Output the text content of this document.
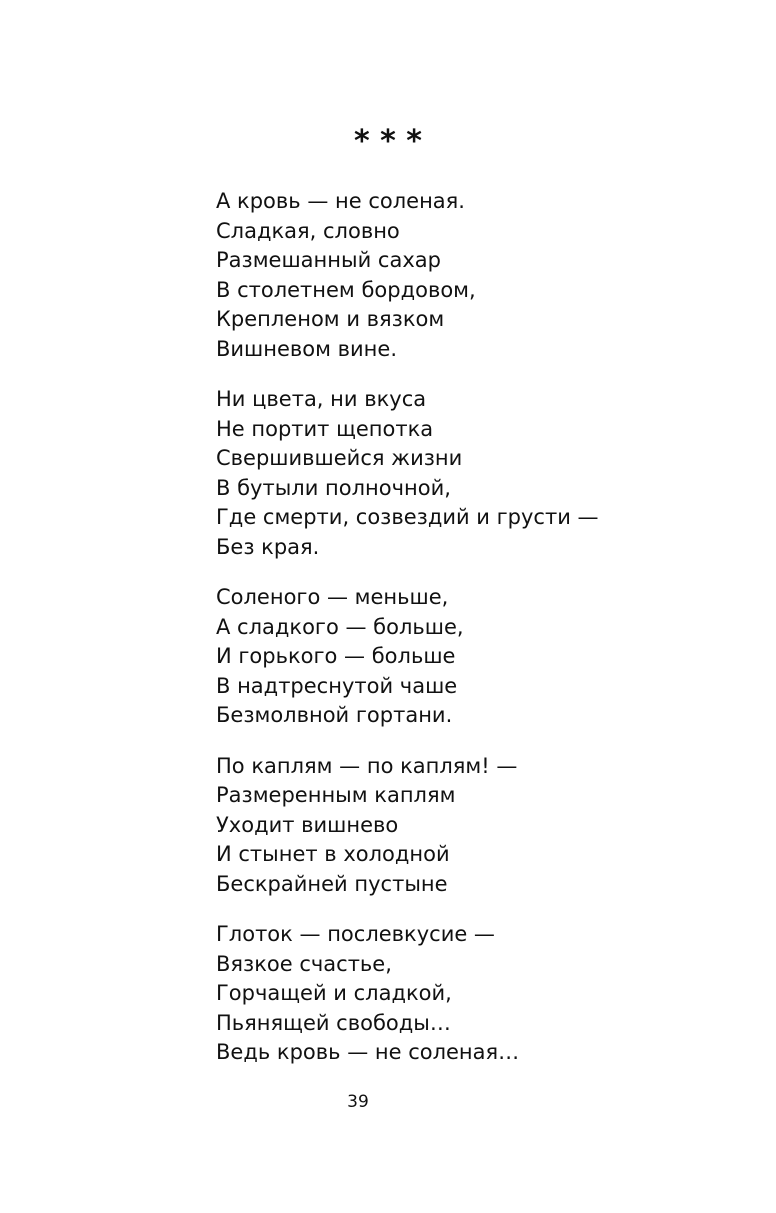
* * *
А кровь — не соленая.
Сладкая, словно
Размешанный сахар
В столетнем бордовом,
Крепленом и вязком
Вишневом вине.
Ни цвета, ни вкуса
Не портит щепотка
Свершившейся жизни
В бутыли полночной,
Где смерти, созвездий и грусти —
Без края.
Соленого — меньше,
А сладкого — больше,
И горького — больше
В надтреснутой чаше
Безмолвной гортани.
По каплям — по каплям! —
Размеренным каплям
Уходит вишнево
И стынет в холодной
Бескрайней пустыне
Глоток — послевкусие —
Вязкое счастье,
Горчащей и сладкой,
Пьянящей свободы…
Ведь кровь — не соленая…
39
